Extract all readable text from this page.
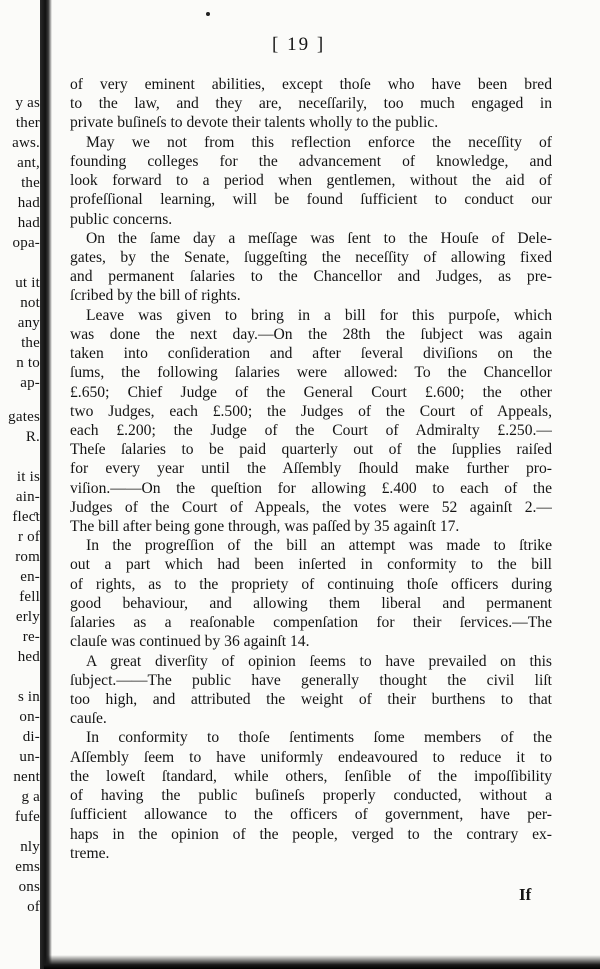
y as
ther
aws.
ant,
the
had
had
opa-
ut it
not
any
the
n to
ap-
gates
R.
it is
ain-
fleƈt
r of
rom
en-
fell
erly
re-
hed
s in
on-
di-
un-
nent
g a
fufe
nly
ems
ons
of
[ 19 ]
of very eminent abilities, except thoſe who have been bred
to the law, and they are, neceſſarily, too much engaged in
private buſineſs to devote their talents wholly to the public.
May we not from this reflection enforce the neceſſity of
founding colleges for the advancement of knowledge, and
look forward to a period when gentlemen, without the aid of
profeſſional learning, will be found ſufficient to conduct our
public concerns.
On the ſame day a meſſage was ſent to the Houſe of Dele-
gates, by the Senate, ſuggeſting the neceſſity of allowing fixed
and permanent ſalaries to the Chancellor and Judges, as pre-
ſcribed by the bill of rights.
Leave was given to bring in a bill for this purpoſe, which
was done the next day.—On the 28th the ſubject was again
taken into conſideration and after ſeveral diviſions on the
ſums, the following ſalaries were allowed: To the Chancellor
£.650; Chief Judge of the General Court £.600; the other
two Judges, each £.500; the Judges of the Court of Appeals,
each £.200; the Judge of the Court of Admiralty £.250.—
Theſe ſalaries to be paid quarterly out of the ſupplies raiſed
for every year until the Aſſembly ſhould make further pro-
viſion.——On the queſtion for allowing £.400 to each of the
Judges of the Court of Appeals, the votes were 52 againſt 2.—
The bill after being gone through, was paſſed by 35 againſt 17.
In the progreſſion of the bill an attempt was made to ſtrike
out a part which had been inſerted in conformity to the bill
of rights, as to the propriety of continuing thoſe officers during
good behaviour, and allowing them liberal and permanent
ſalaries as a reaſonable compenſation for their ſervices.—The
clauſe was continued by 36 againſt 14.
A great diverſity of opinion ſeems to have prevailed on this
ſubject.——The public have generally thought the civil liſt
too high, and attributed the weight of their burthens to that
cauſe.
In conformity to thoſe ſentiments ſome members of the
Aſſembly ſeem to have uniformly endeavoured to reduce it to
the loweſt ſtandard, while others, ſenſible of the impoſſibility
of having the public buſineſs properly conducted, without a
ſufficient allowance to the officers of government, have per-
haps in the opinion of the people, verged to the contrary ex-
treme.
If
